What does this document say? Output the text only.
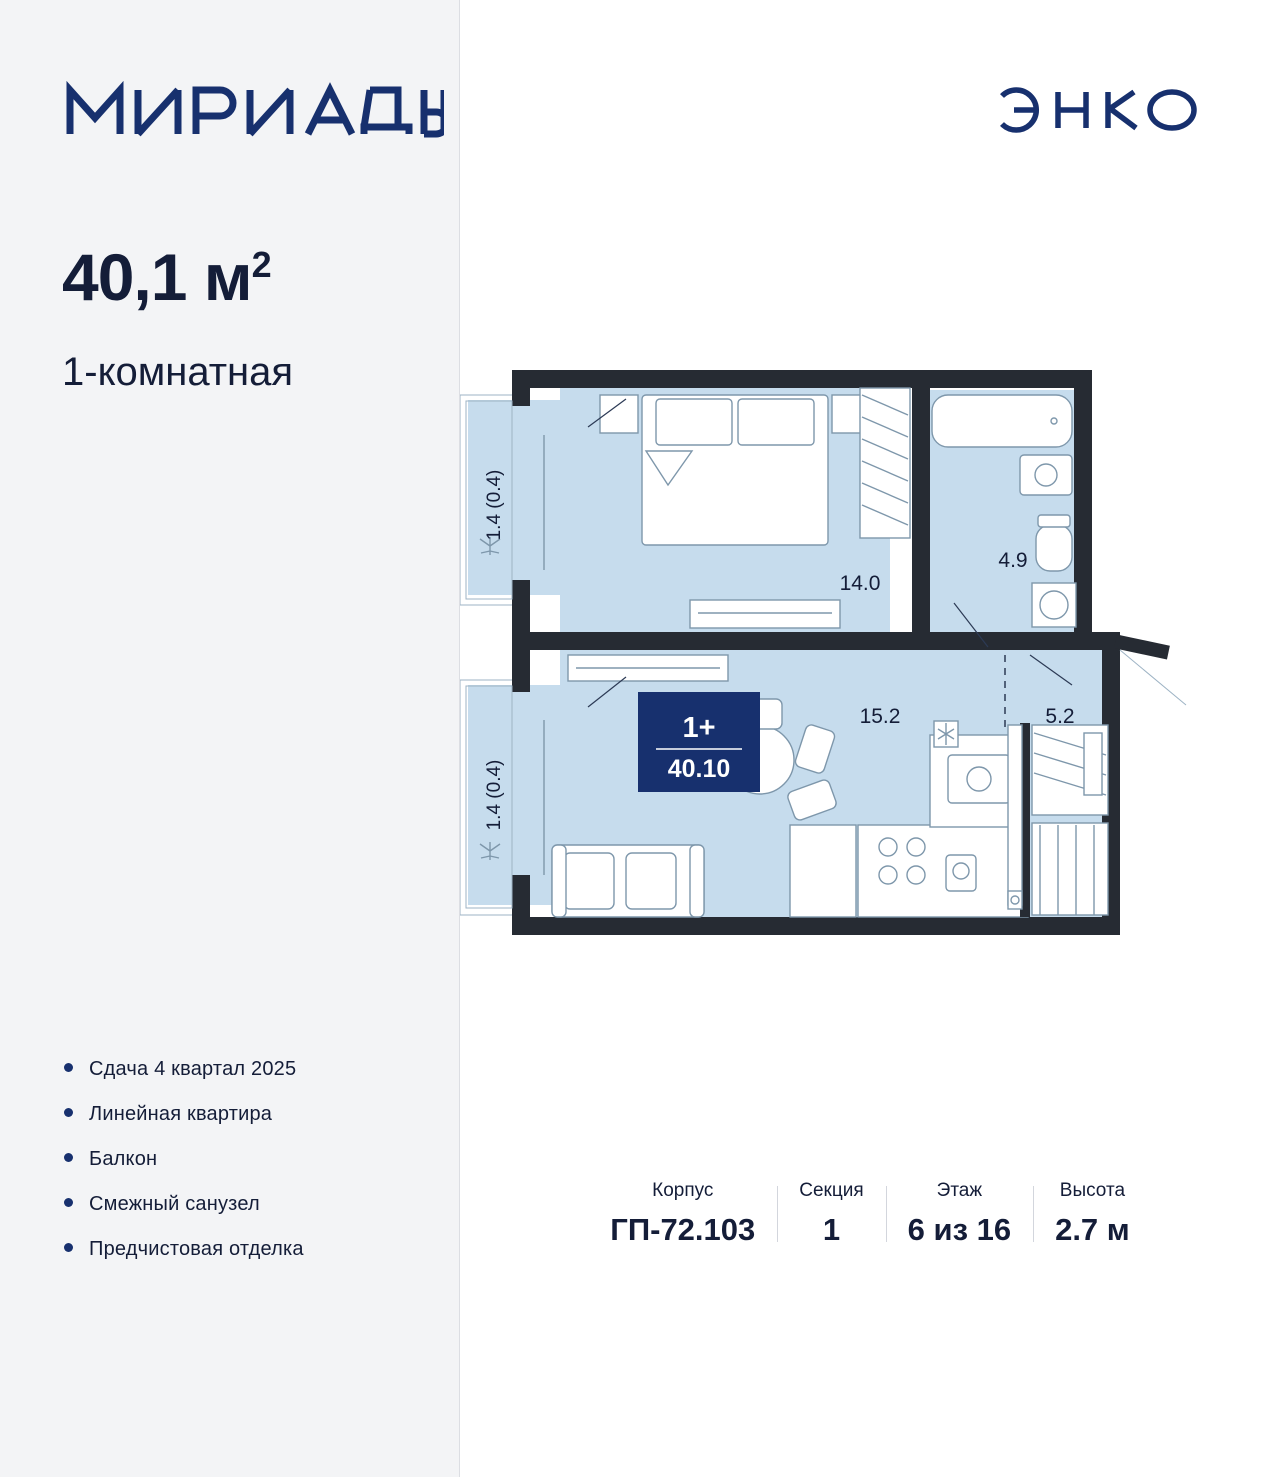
40,1 $м^2$
1-комнатная
Сдача 4 квартал 2025
Линейная квартира
Балкон
Смежный санузел
Предчистовая отделка
14.0
4.9
15.2	5.2
1.4 (0.4)
1.4 (0.4)
1+
40.10
Корпус
ГП-72.103
Секция
1
Этаж
6 из 16
Высота
2.7 м
